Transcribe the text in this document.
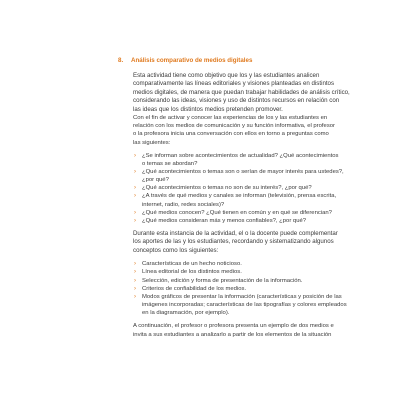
8. Análisis comparativo de medios digitales
Esta actividad tiene como objetivo que los y las estudiantes analicen
comparativamente las líneas editoriales y visiones planteadas en distintos
medios digitales, de manera que puedan trabajar habilidades de análisis crítico,
considerando las ideas, visiones y uso de distintos recursos en relación con
las ideas que los distintos medios pretenden promover.
Con el fin de activar y conocer las experiencias de los y las estudiantes en
relación con los medios de comunicación y su función informativa, el profesor
o la profesora inicia una conversación con ellos en torno a preguntas como
las siguientes:
› ¿Se informan sobre acontecimientos de actualidad? ¿Qué acontecimientos
o temas se abordan?
› ¿Qué acontecimientos o temas son o serían de mayor interés para ustedes?,
¿por qué?
› ¿Qué acontecimientos o temas no son de su interés?, ¿por qué?
› ¿A través de qué medios y canales se informan (televisión, prensa escrita,
internet, radio, redes sociales)?
› ¿Qué medios conocen? ¿Qué tienen en común y en qué se diferencian?
› ¿Qué medios consideran más y menos confiables?, ¿por qué?
Durante esta instancia de la actividad, el o la docente puede complementar
los aportes de las y los estudiantes, recordando y sistematizando algunos
conceptos como los siguientes:
› Características de un hecho noticioso.
› Línea editorial de los distintos medios.
› Selección, edición y forma de presentación de la información.
› Criterios de confiabilidad de los medios.
› Modos gráficos de presentar la información (características y posición de las
imágenes incorporadas; características de las tipografías y colores empleados
en la diagramación, por ejemplo).
A continuación, el profesor o profesora presenta un ejemplo de dos medios e
invita a sus estudiantes a analizarlo a partir de los elementos de la situación
